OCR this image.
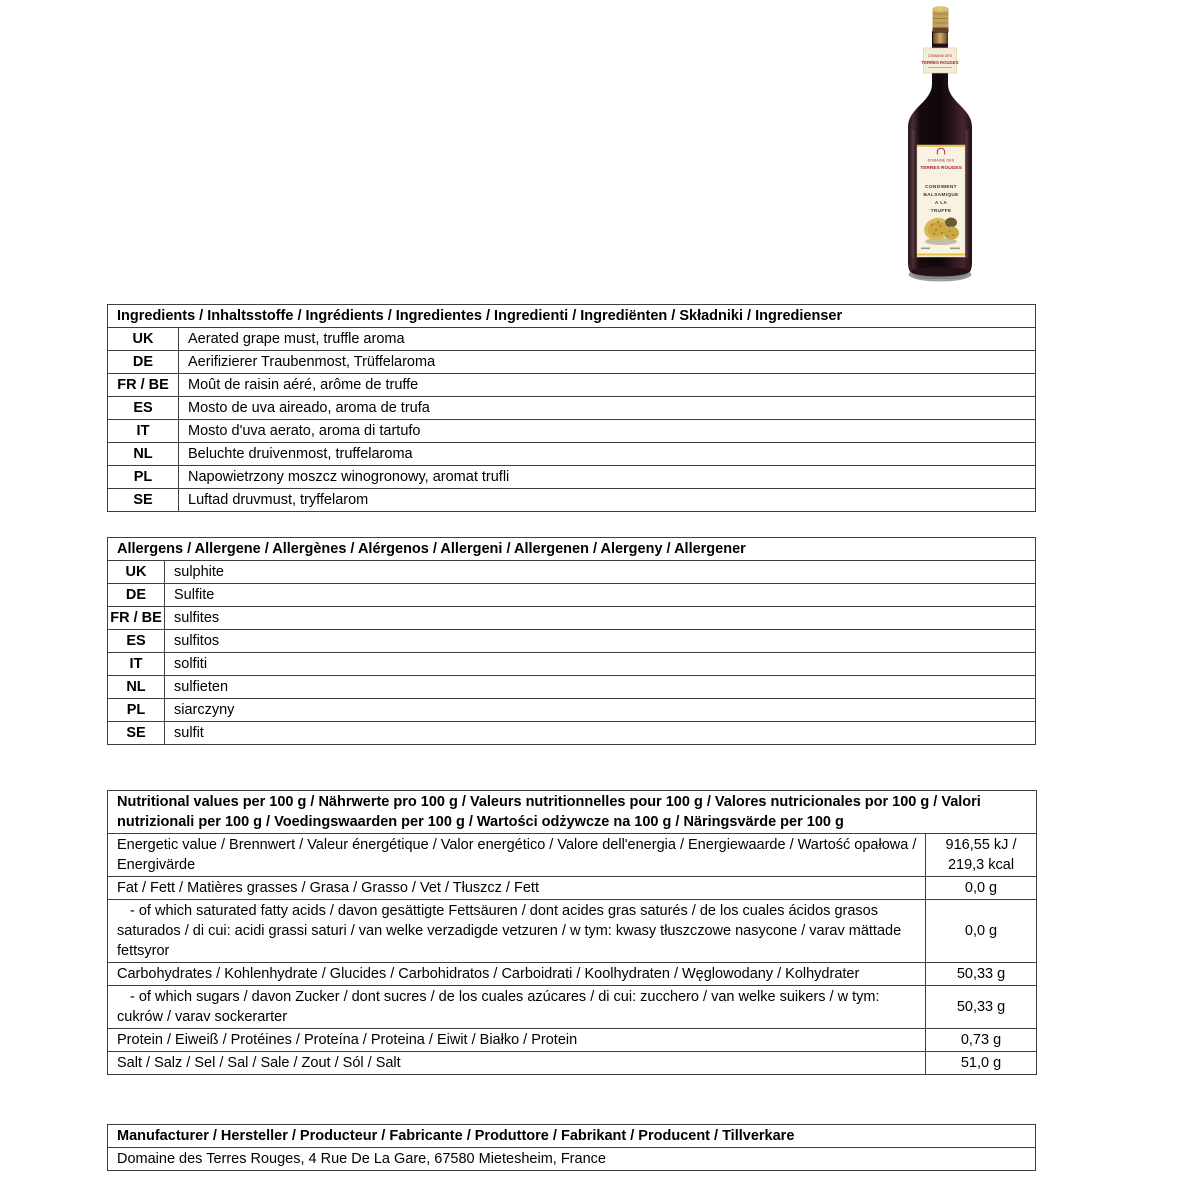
DOMAINE DES
TERRES ROUGES
DOMAINE DES
TERRES ROUGES
CONDIMENT
BALSAMIQUE
A LA
TRUFFE
Ingredients / Inhaltsstoffe / Ingrédients / Ingredientes / Ingredienti / Ingrediënten / Składniki / Ingredienser	
UK	Aerated grape must, truffle aroma
DE	Aerifizierer Traubenmost, Trüffelaroma
FR / BE	Moût de raisin aéré, arôme de truffe
ES	Mosto de uva aireado, aroma de trufa
IT	Mosto d'uva aerato, aroma di tartufo
NL	Beluchte druivenmost, truffelaroma
PL	Napowietrzony moszcz winogronowy, aromat trufli
SE	Luftad druvmust, tryffelarom
Allergens / Allergene / Allergènes / Alérgenos / Allergeni / Allergenen / Alergeny / Allergener	
UK	sulphite
DE	Sulfite
FR / BE	sulfites
ES	sulfitos
IT	solfiti
NL	sulfieten
PL	siarczyny
SE	sulfit
Nutritional values per 100 g / Nährwerte pro 100 g / Valeurs nutritionnelles pour 100 g / Valores nutricionales por 100 g / Valori nutrizionali per 100 g / Voedingswaarden per 100 g / Wartości odżywcze na 100 g / Näringsvärde per 100 g	
Energetic value / Brennwert / Valeur énergétique / Valor energético / Valore dell'energia / Energiewaarde / Wartość opałowa / Energivärde	916,55 kJ / 219,3 kcal
Fat / Fett / Matières grasses / Grasa / Grasso / Vet / Tłuszcz / Fett	0,0 g
- of which saturated fatty acids / davon gesättigte Fettsäuren / dont acides gras saturés / de los cuales ácidos grasos saturados / di cui: acidi grassi saturi / van welke verzadigde vetzuren / w tym: kwasy tłuszczowe nasycone / varav mättade fettsyror	0,0 g
Carbohydrates / Kohlenhydrate / Glucides / Carbohidratos / Carboidrati / Koolhydraten / Węglowodany / Kolhydrater	50,33 g
- of which sugars / davon Zucker / dont sucres / de los cuales azúcares / di cui: zucchero / van welke suikers / w tym: cukrów / varav sockerarter	50,33 g
Protein / Eiweiß / Protéines / Proteína / Proteina / Eiwit / Białko / Protein	0,73 g
Salt / Salz / Sel / Sal / Sale / Zout / Sól / Salt	51,0 g
Manufacturer / Hersteller / Producteur / Fabricante / Produttore / Fabrikant / Producent / Tillverkare
Domaine des Terres Rouges, 4 Rue De La Gare, 67580 Mietesheim, France
